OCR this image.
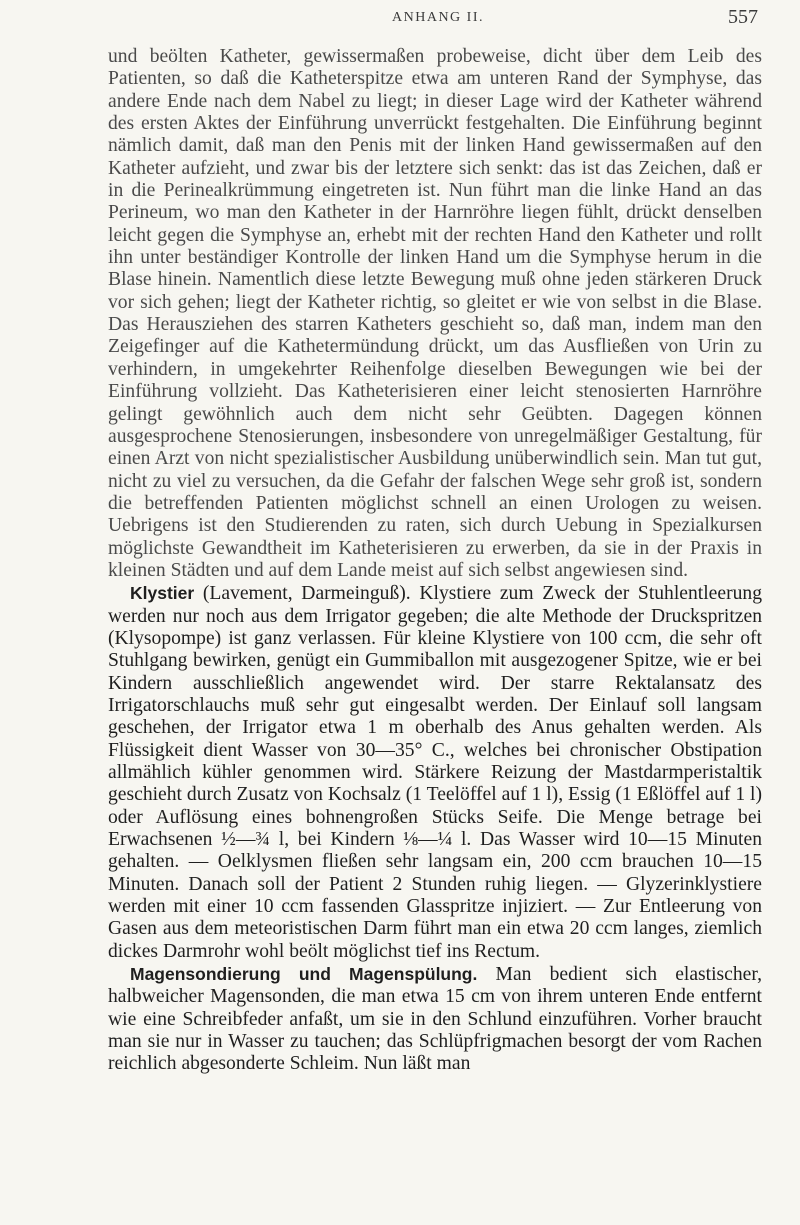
ANHANG II.	557

und beölten Katheter, gewissermaßen probeweise, dicht über dem Leib des Patienten, so daß die Katheterspitze etwa am unteren Rand der Symphyse, das andere Ende nach dem Nabel zu liegt; in dieser Lage wird der Katheter während des ersten Aktes der Einführung unverrückt festgehalten. Die Einführung beginnt nämlich damit, daß man den Penis mit der linken Hand gewissermaßen auf den Katheter aufzieht, und zwar bis der letztere sich senkt: das ist das Zeichen, daß er in die Perinealkrümmung eingetreten ist. Nun führt man die linke Hand an das Perineum, wo man den Katheter in der Harnröhre liegen fühlt, drückt denselben leicht gegen die Symphyse an, erhebt mit der rechten Hand den Katheter und rollt ihn unter beständiger Kontrolle der linken Hand um die Symphyse herum in die Blase hinein. Namentlich diese letzte Bewegung muß ohne jeden stärkeren Druck vor sich gehen; liegt der Katheter richtig, so gleitet er wie von selbst in die Blase. Das Herausziehen des starren Katheters geschieht so, daß man, indem man den Zeigefinger auf die Kathetermündung drückt, um das Ausfließen von Urin zu verhindern, in umgekehrter Reihenfolge dieselben Bewegungen wie bei der Einführung vollzieht. Das Katheterisieren einer leicht stenosierten Harnröhre gelingt gewöhnlich auch dem nicht sehr Geübten. Dagegen können ausgesprochene Stenosierungen, insbesondere von unregelmäßiger Gestaltung, für einen Arzt von nicht spezialistischer Ausbildung unüberwindlich sein. Man tut gut, nicht zu viel zu versuchen, da die Gefahr der falschen Wege sehr groß ist, sondern die betreffenden Patienten möglichst schnell an einen Urologen zu weisen. Uebrigens ist den Studierenden zu raten, sich durch Uebung in Spezialkursen möglichste Gewandtheit im Katheterisieren zu erwerben, da sie in der Praxis in kleinen Städten und auf dem Lande meist auf sich selbst angewiesen sind.

Klystier (Lavement, Darmeinguß). Klystiere zum Zweck der Stuhlentleerung werden nur noch aus dem Irrigator gegeben; die alte Methode der Druckspritzen (Klysopompe) ist ganz verlassen. Für kleine Klystiere von 100 ccm, die sehr oft Stuhlgang bewirken, genügt ein Gummiballon mit ausgezogener Spitze, wie er bei Kindern ausschließlich angewendet wird. Der starre Rektalansatz des Irrigatorschlauchs muß sehr gut eingesalbt werden. Der Einlauf soll langsam geschehen, der Irrigator etwa 1 m oberhalb des Anus gehalten werden. Als Flüssigkeit dient Wasser von 30—35° C., welches bei chronischer Obstipation allmählich kühler genommen wird. Stärkere Reizung der Mastdarmperistaltik geschieht durch Zusatz von Kochsalz (1 Teelöffel auf 1 l), Essig (1 Eßlöffel auf 1 l) oder Auflösung eines bohnengroßen Stücks Seife. Die Menge betrage bei Erwachsenen ½—¾ l, bei Kindern ⅛—¼ l. Das Wasser wird 10—15 Minuten gehalten. — Oelklysmen fließen sehr langsam ein, 200 ccm brauchen 10—15 Minuten. Danach soll der Patient 2 Stunden ruhig liegen. — Glyzerinklystiere werden mit einer 10 ccm fassenden Glasspritze injiziert. — Zur Entleerung von Gasen aus dem meteoristischen Darm führt man ein etwa 20 ccm langes, ziemlich dickes Darmrohr wohl beölt möglichst tief ins Rectum.

Magensondierung und Magenspülung. Man bedient sich elastischer, halbweicher Magensonden, die man etwa 15 cm von ihrem unteren Ende entfernt wie eine Schreibfeder anfaßt, um sie in den Schlund einzuführen. Vorher braucht man sie nur in Wasser zu tauchen; das Schlüpfrigmachen besorgt der vom Rachen reichlich abgesonderte Schleim. Nun läßt man
